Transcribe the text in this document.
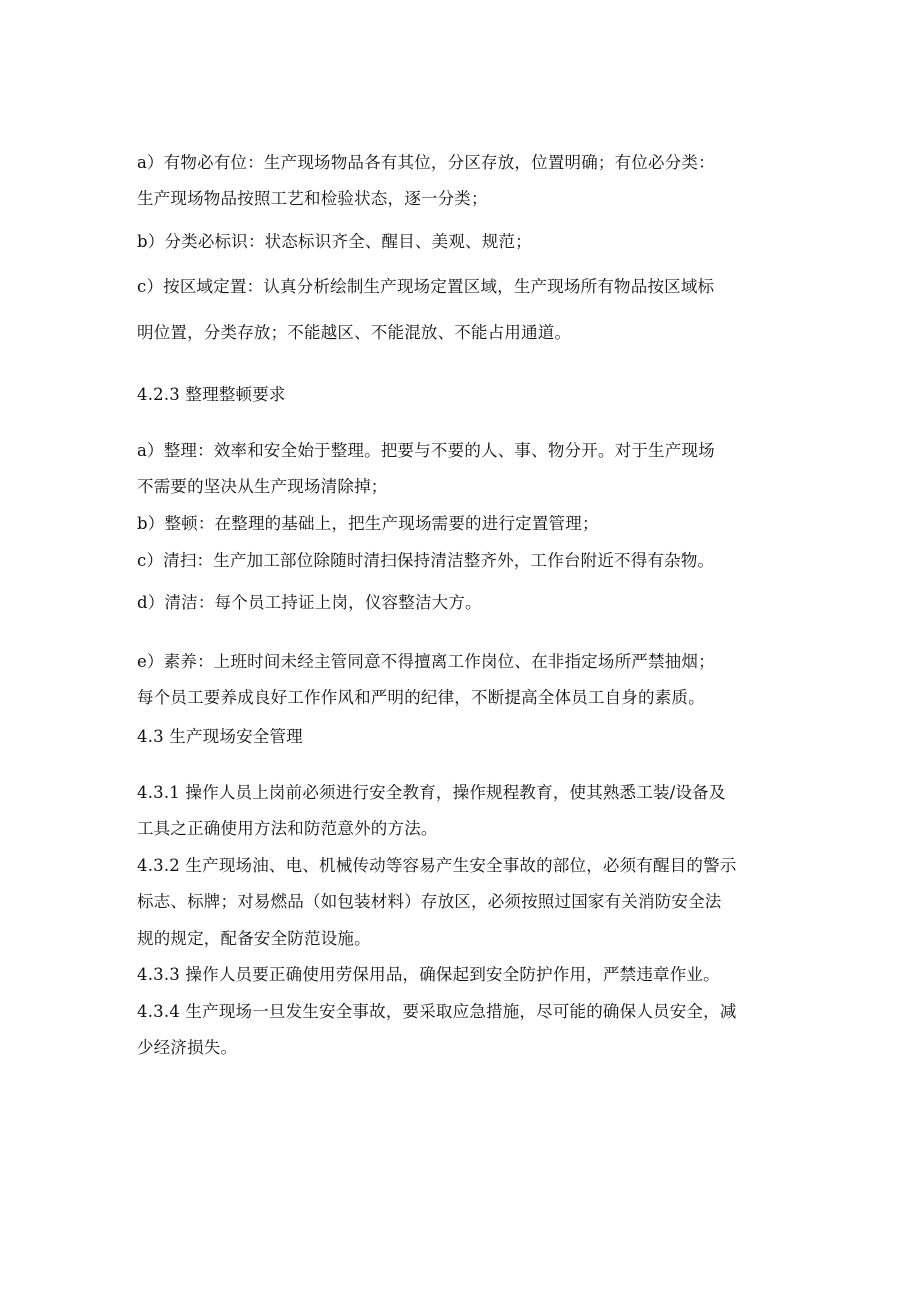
a）有物必有位：生产现场物品各有其位，分区存放，位置明确；有位必分类：
生产现场物品按照工艺和检验状态，逐一分类；
b）分类必标识：状态标识齐全、醒目、美观、规范；
c）按区域定置：认真分析绘制生产现场定置区域，生产现场所有物品按区域标
明位置，分类存放；不能越区、不能混放、不能占用通道。
4.2.3 整理整顿要求
a）整理：效率和安全始于整理。把要与不要的人、事、物分开。对于生产现场
不需要的坚决从生产现场清除掉；
b）整顿：在整理的基础上，把生产现场需要的进行定置管理；
c）清扫：生产加工部位除随时清扫保持清洁整齐外，工作台附近不得有杂物。
d）清洁：每个员工持证上岗，仪容整洁大方。
e）素养：上班时间未经主管同意不得擅离工作岗位、在非指定场所严禁抽烟；
每个员工要养成良好工作作风和严明的纪律，不断提高全体员工自身的素质。
4.3 生产现场安全管理
4.3.1 操作人员上岗前必须进行安全教育，操作规程教育，使其熟悉工装/设备及
工具之正确使用方法和防范意外的方法。
4.3.2 生产现场油、电、机械传动等容易产生安全事故的部位，必须有醒目的警示
标志、标牌；对易燃品（如包装材料）存放区，必须按照过国家有关消防安全法
规的规定，配备安全防范设施。
4.3.3 操作人员要正确使用劳保用品，确保起到安全防护作用，严禁违章作业。
4.3.4 生产现场一旦发生安全事故，要采取应急措施，尽可能的确保人员安全，减
少经济损失。
